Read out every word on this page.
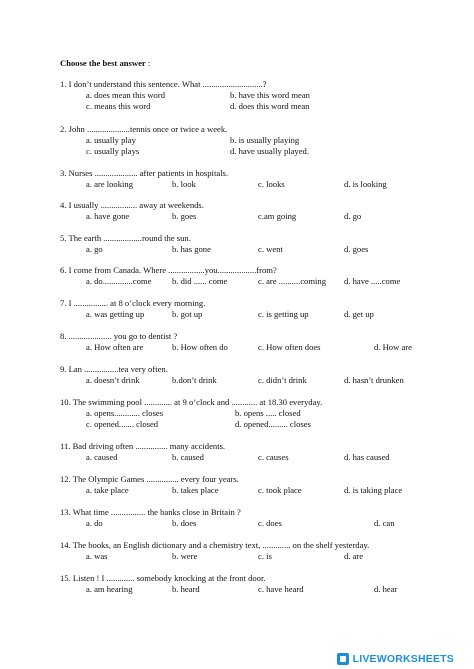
Choose the best answer :
1. I don’t understand this sentence. What ............................?
a. does mean this word	b. have this word mean
c. means this word	d. does this word mean
2. John ....................tennis once or twice a week.
a. usually play	b. is usually playing
c. usually plays	d. have usually played.
3. Nurses .................... after patients in hospitals.
a. are looking	b. look	c. looks	d. is looking
4. I usually ................. away at weekends.
a. have gone	b. goes	c.am going	d. go
5. The earth ..................round the sun.
a. go	b. has gone	c. went	d. goes
6. I come from Canada. Where .................you..................from?
a. do..............come b. did ...... come	c. are ..........coming d. have .....come
7. I ................ at 8 o’clock every morning.
a. was getting up	b. got up	c. is getting up	d. get up
8. .................... you go to dentist ?
a. How often are	b. How often do	c. How often does	d. How are
9. Lan ................tea very often.
a. doesn’t drink	b.don’t drink	c. didn’t drink	d. hasn’t drunken
10. The swimming pool ............. at 9 o’clock and ............ at 18.30 everyday.
a. opens............ closes	b. opens ..... closed
c. opened....... closed	d. opened......... closes
11. Bad driving often ............... many accidents.
a. caused	b. caused	c. causes	d. has caused
12. The Olympic Games ............... every four years.
a. take place	b. takes place	c. took place	d. is taking place
13. What time ................ the banks close in Britain ?
a. do	b. does	c. does	d. can
14. The books, an English dictionary and a chemistry text, ............. on the shelf yesterday.
a. was	b. were	c. is	d. are
15. Listen ! I ............. somebody knocking at the front door.
a. am hearing	b. heard	c. have heard	d. hear
LIVEWORKSHEETS
